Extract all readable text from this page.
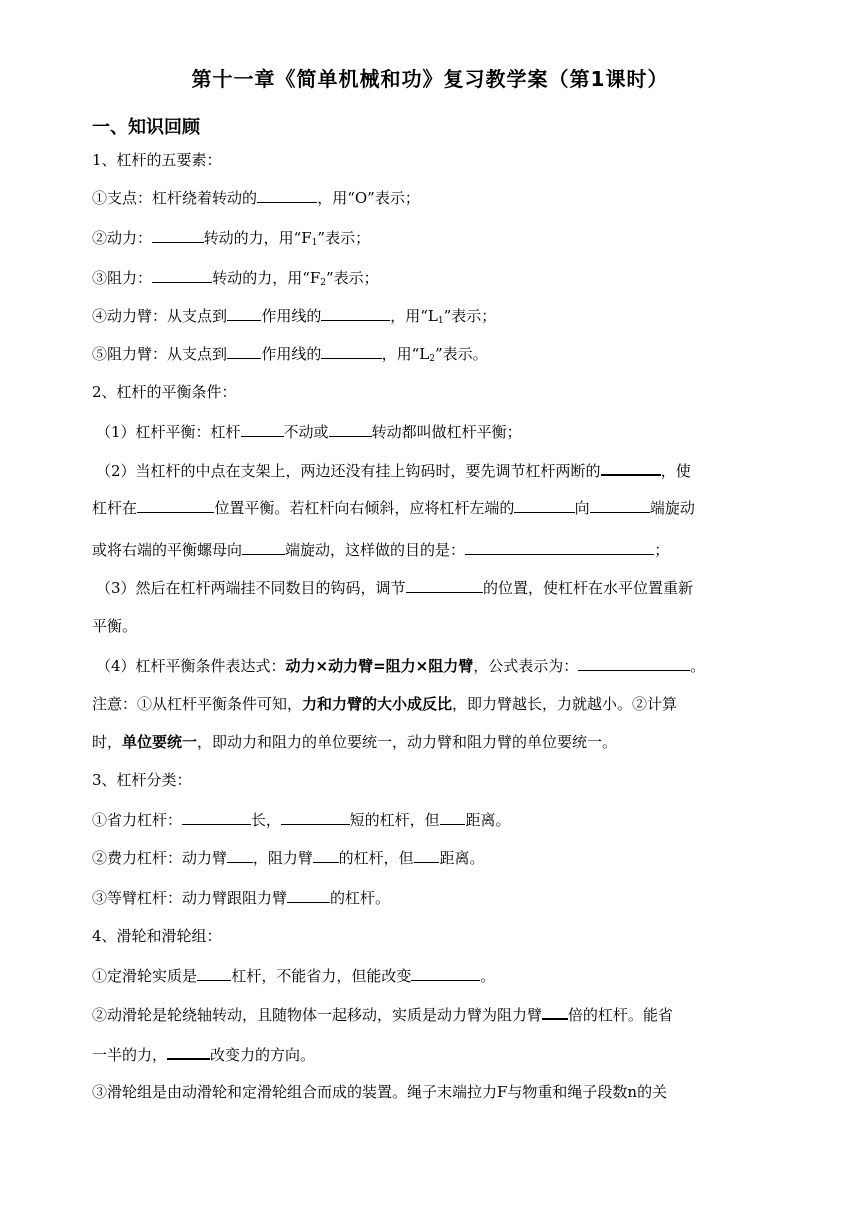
第十一章《简单机械和功》复习教学案（第1课时）
一、知识回顾
1、杠杆的五要素：
①支点：杠杆绕着转动的	，用“O”表示；
②动力：	转动的力，用“$F_1$”表示；
③阻力：	转动的力，用“$F_2$”表示；
④动力臂：从支点到 作用线的	，用“$L_1$”表示；
⑤阻力臂：从支点到 作用线的	，用“$L_2$”表示。
2、杠杆的平衡条件：
（1）杠杆平衡：杠杆	不动或	转动都叫做杠杆平衡；
（2）当杠杆的中点在支架上，两边还没有挂上钩码时，要先调节杠杆两断的	，使
杠杆在	位置平衡。若杠杆向右倾斜，应将杠杆左端的	向	端旋动
或将右端的平衡螺母向	端旋动，这样做的目的是：	；
（3）然后在杠杆两端挂不同数目的钩码，调节	的位置，使杠杆在水平位置重新
平衡。
（4）杠杆平衡条件表达式：动力×动力臂=阻力×阻力臂，公式表示为：	。
注意：①从杠杆平衡条件可知，力和力臂的大小成反比，即力臂越长，力就越小。②计算
时，单位要统一，即动力和阻力的单位要统一，动力臂和阻力臂的单位要统一。
3、杠杆分类：
①省力杠杆：	长，	短的杠杆，但 距离。
②费力杠杆：动力臂 ，阻力臂 的杠杆，但 距离。
③等臂杠杆：动力臂跟阻力臂	的杠杆。
4、滑轮和滑轮组：
①定滑轮实质是 杠杆，不能省力，但能改变	。
②动滑轮是轮绕轴转动，且随物体一起移动，实质是动力臂为阻力臂 倍的杠杆。能省
一半的力，	改变力的方向。
③滑轮组是由动滑轮和定滑轮组合而成的装置。绳子末端拉力F与物重和绳子段数n的关
